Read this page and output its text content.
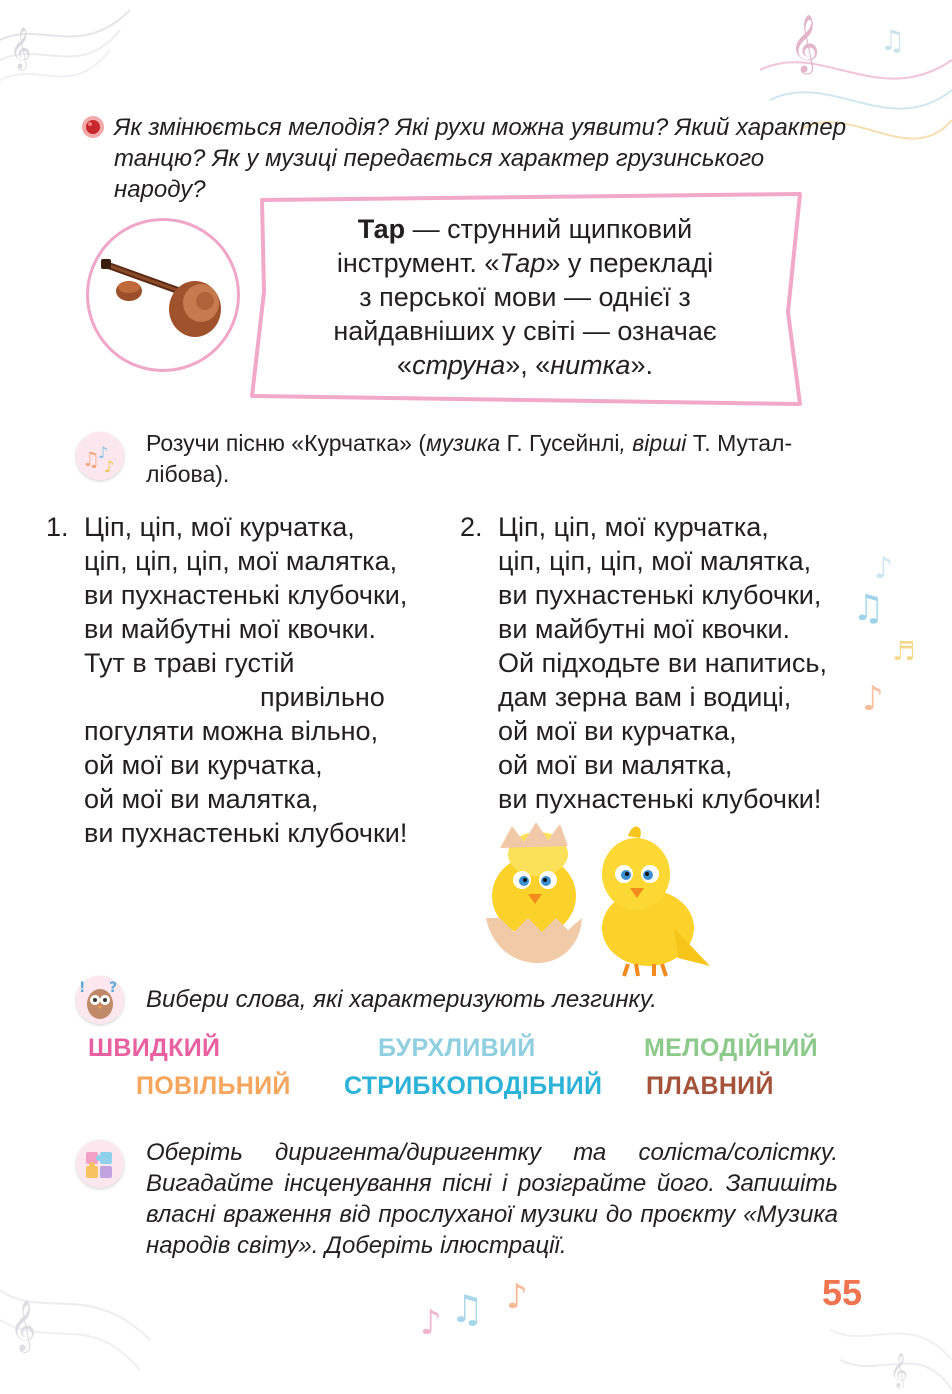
𝄞	𝄞 ♫
♪
♫
♬
♪
♪ ♫ ♪
𝄞
𝄞
Як змінюється мелодія? Які рухи можна уявити? Який характер
танцю? Як у музиці передається характер грузинського народу?
Тар — струнний щипковий
інструмент. «Тар» у перекладі
з перської мови — однієї з
найдавніших у світі — означає
«струна», «нитка».
♫
♪
♪
Розучи пісню «Курчатка» (музика Г. Гусейнлі, вірші Т. Мутал-
лібова).
1. Ціп, ціп, мої курчатка,
ціп, ціп, ціп, мої малятка,
ви пухнастенькі клубочки,
ви майбутні мої квочки.
Тут в траві густій
привільно
погуляти можна вільно,
ой мої ви курчатка,
ой мої ви малятка,
ви пухнастенькі клубочки!
2. Ціп, ціп, мої курчатка,
ціп, ціп, ціп, мої малятка,
ви пухнастенькі клубочки,
ви майбутні мої квочки.
Ой підходьте ви напитись,
дам зерна вам і водиці,
ой мої ви курчатка,
ой мої ви малятка,
ви пухнастенькі клубочки!
! ? Вибери слова, які характеризують лезгинку.
ШВИДКИЙ	БУРХЛИВИЙ	МЕЛОДІЙНИЙ
ПОВІЛЬНИЙ СТРИБКОПОДІБНИЙ ПЛАВНИЙ
Оберіть диригента/диригентку та соліста/солістку. Вигадайте інсценування пісні і розіграйте його. Запишіть власні враження від прослуханої музики до проєкту «Музика народів світу». Доберіть ілюстрації.
55
